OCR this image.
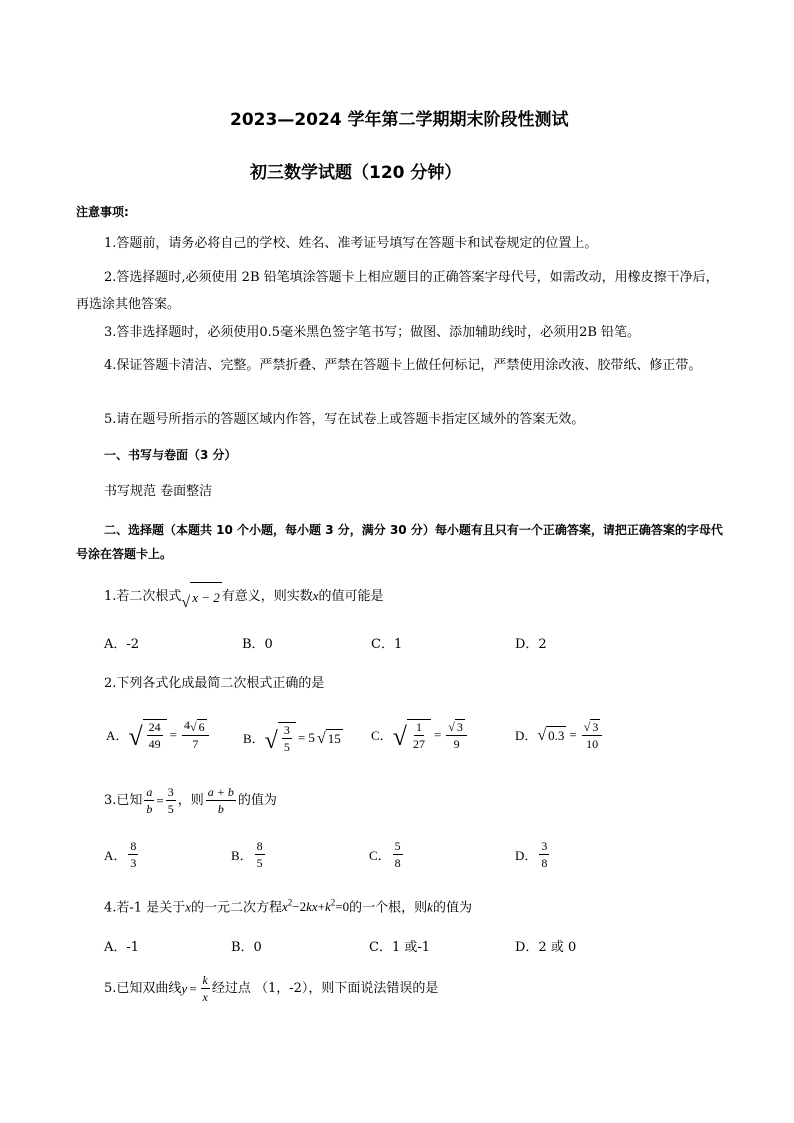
2023—2024 学年第二学期期末阶段性测试
初三数学试题（120 分钟）
注意事项:
1.答题前，请务必将自己的学校、姓名、准考证号填写在答题卡和试卷规定的位置上。
2.答选择题时,必须使用 2B 铅笔填涂答题卡上相应题目的正确答案字母代号，如需改动，用橡皮擦干净后，再选涂其他答案。
3.答非选择题时，必须使用0.5毫米黑色签字笔书写；做图、添加辅助线时，必须用2B 铅笔。
4.保证答题卡清洁、完整。严禁折叠、严禁在答题卡上做任何标记，严禁使用涂改液、胶带纸、修正带。
5.请在题号所指示的答题区域内作答，写在试卷上或答题卡指定区域外的答案无效。
一、书写与卷面（3 分）
书写规范 卷面整洁
二、选择题（本题共 10 个小题，每小题 3 分，满分 30 分）每小题有且只有一个正确答案，请把正确答案的字母代号涂在答题卡上。
1.若二次根式 √ x − 2 有意义，则实数x的值可能是
A．-2	B．0	C．1	D．2
2.下列各式化成最简二次根式正确的是
A． √ $\frac{24}{49} = \frac{4 √ 6}{7}$	B． √ $\frac{3}{5} = 5$ √ 15 C． √ $\frac{1}{27} = \frac{√ 3}{9}$	D． √ $0.3 = \frac{√ 3}{10}$
3.已知 $\frac{a}{b} = \frac{3}{5}$ ，则 $\frac{a + b}{b}$ 的值为
A． $\frac{8}{3}$	B． $\frac{8}{5}$	C． $\frac{5}{8}$	D． $\frac{3}{8}$
4.若-1 是关于x的一元二次方程$x^2-2kx+k^2=0$的一个根，则k的值为
A．-1	B．0	C．1 或-1	D．2 或 0
5.已知双曲线 $y = \frac{k}{x}$ 经过点 （1，-2），则下面说法错误的是
